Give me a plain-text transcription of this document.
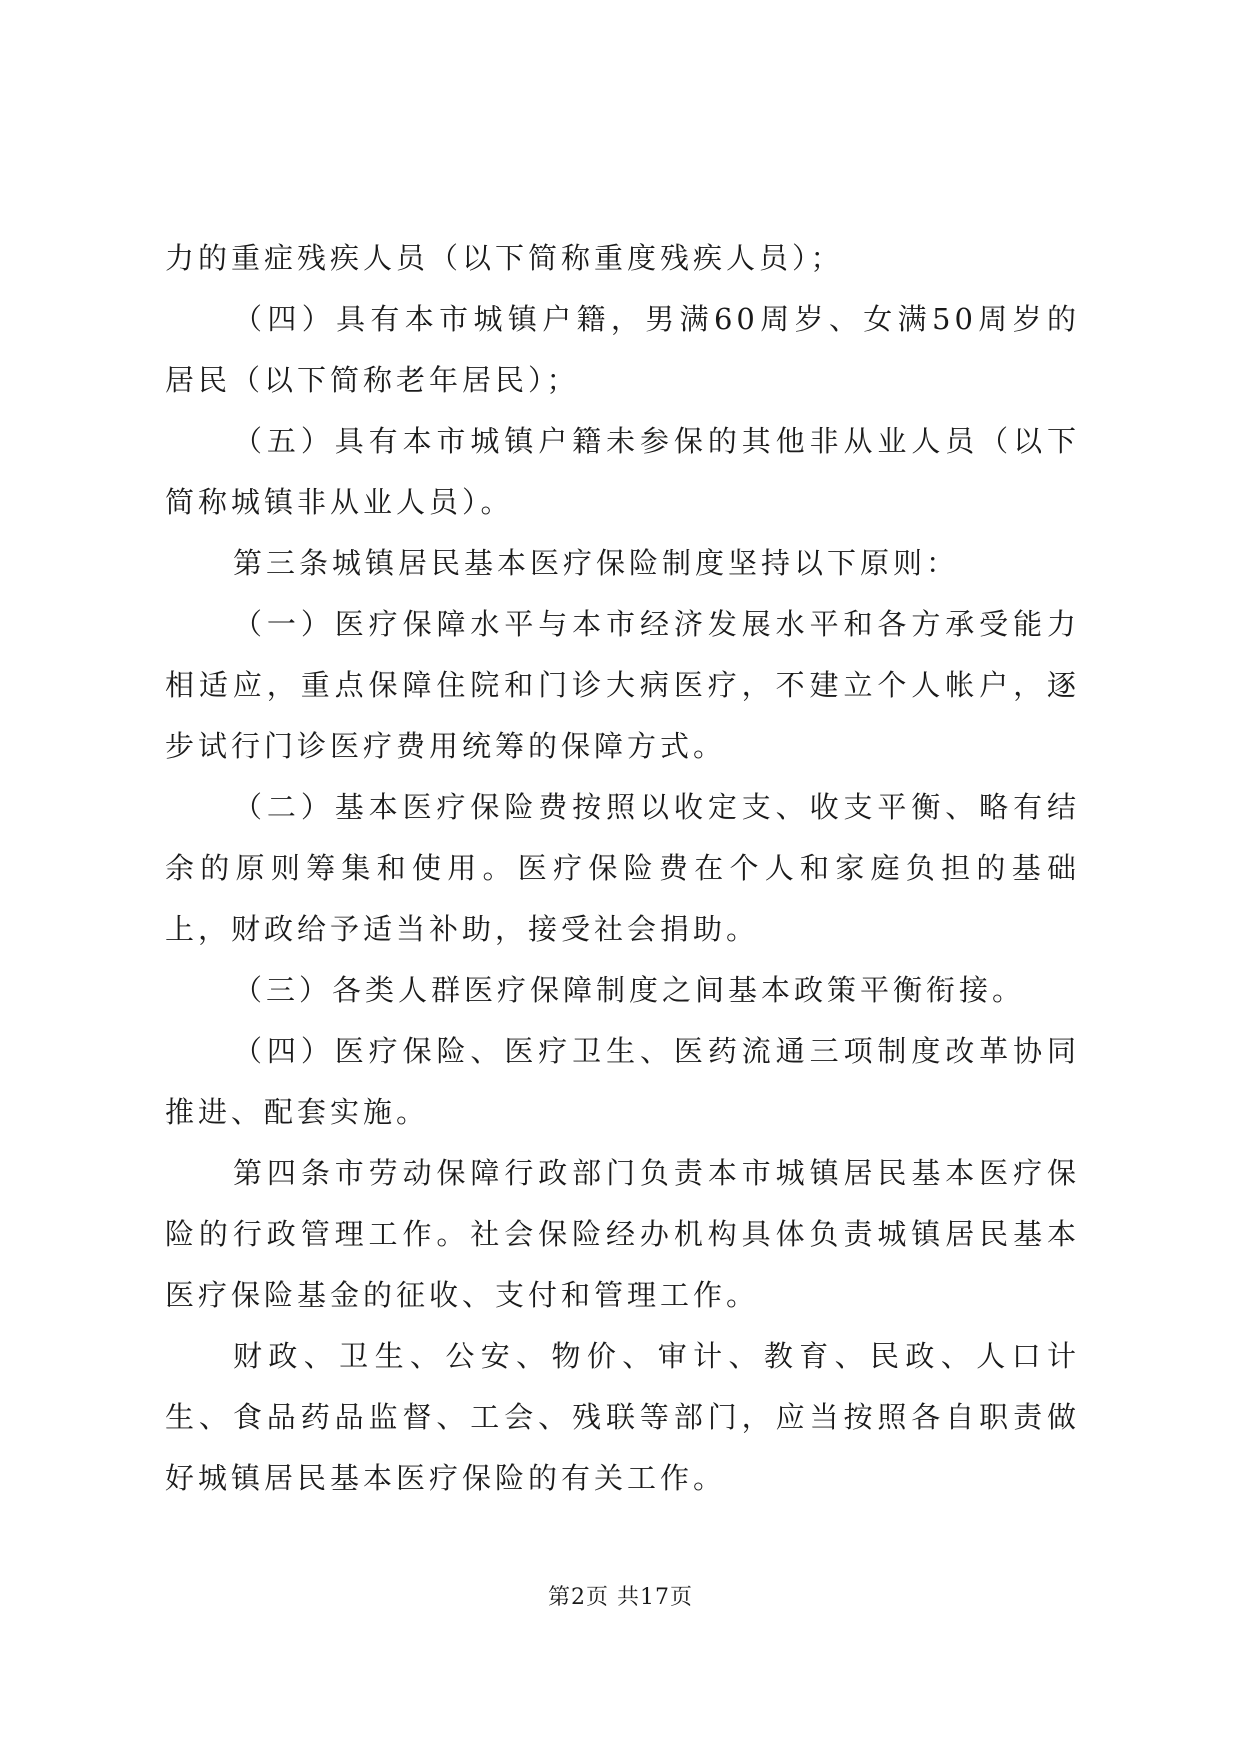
力的重症残疾人员（以下简称重度残疾人员）；

（四）具有本市城镇户籍，男满60周岁、女满50周岁的居民（以下简称老年居民）；

（五）具有本市城镇户籍未参保的其他非从业人员（以下简称城镇非从业人员）。

第三条城镇居民基本医疗保险制度坚持以下原则：

（一）医疗保障水平与本市经济发展水平和各方承受能力相适应，重点保障住院和门诊大病医疗，不建立个人帐户，逐步试行门诊医疗费用统筹的保障方式。

（二）基本医疗保险费按照以收定支、收支平衡、略有结余的原则筹集和使用。医疗保险费在个人和家庭负担的基础上，财政给予适当补助，接受社会捐助。

（三）各类人群医疗保障制度之间基本政策平衡衔接。

（四）医疗保险、医疗卫生、医药流通三项制度改革协同推进、配套实施。

第四条市劳动保障行政部门负责本市城镇居民基本医疗保险的行政管理工作。社会保险经办机构具体负责城镇居民基本医疗保险基金的征收、支付和管理工作。

财政、卫生、公安、物价、审计、教育、民政、人口计生、食品药品监督、工会、残联等部门，应当按照各自职责做好城镇居民基本医疗保险的有关工作。

第2页 共17页
